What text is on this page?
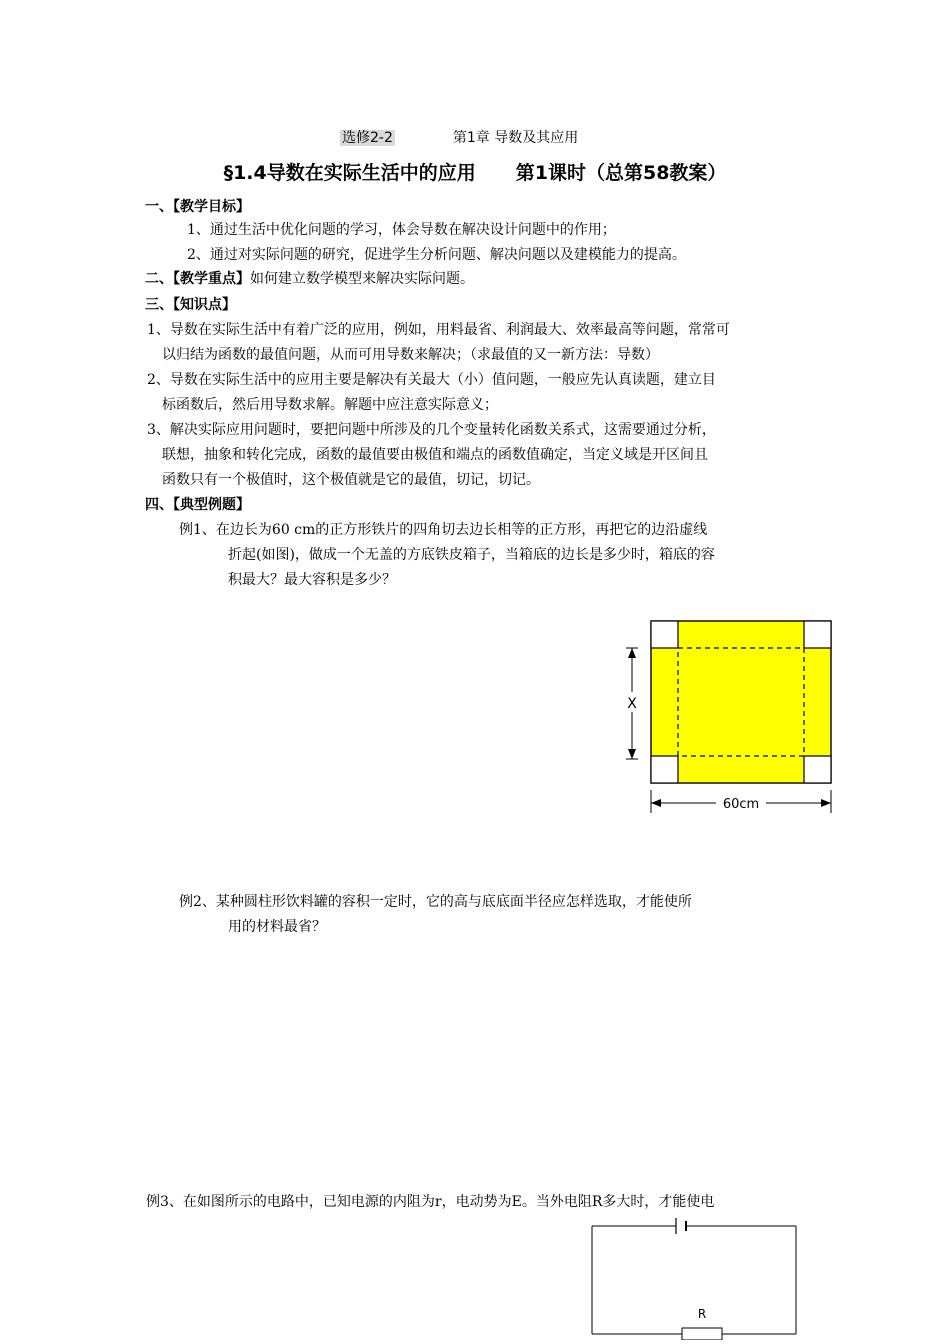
选修2-2	第1章 导数及其应用
§1.4导数在实际生活中的应用 第1课时（总第58教案）
一、【教学目标】
1、通过生活中优化问题的学习，体会导数在解决设计问题中的作用；
2、通过对实际问题的研究，促进学生分析问题、解决问题以及建模能力的提高。
二、【教学重点】如何建立数学模型来解决实际问题。
三、【知识点】
1、导数在实际生活中有着广泛的应用，例如，用料最省、利润最大、效率最高等问题，常常可
以归结为函数的最值问题，从而可用导数来解决；（求最值的又一新方法：导数）
2、导数在实际生活中的应用主要是解决有关最大（小）值问题，一般应先认真读题，建立目
标函数后，然后用导数求解。解题中应注意实际意义；
3、解决实际应用问题时，要把问题中所涉及的几个变量转化函数关系式，这需要通过分析，
联想，抽象和转化完成，函数的最值要由极值和端点的函数值确定，当定义域是开区间且
函数只有一个极值时，这个极值就是它的最值，切记，切记。
四、【典型例题】
例1、在边长为60 cm的正方形铁片的四角切去边长相等的正方形，再把它的边沿虚线
折起(如图)，做成一个无盖的方底铁皮箱子，当箱底的边长是多少时，箱底的容
积最大？最大容积是多少？
X
60cm
例2、某种圆柱形饮料罐的容积一定时，它的高与底底面半径应怎样选取，才能使所
用的材料最省？
例3、在如图所示的电路中，已知电源的内阻为r，电动势为E。当外电阻R多大时，才能使电
R
